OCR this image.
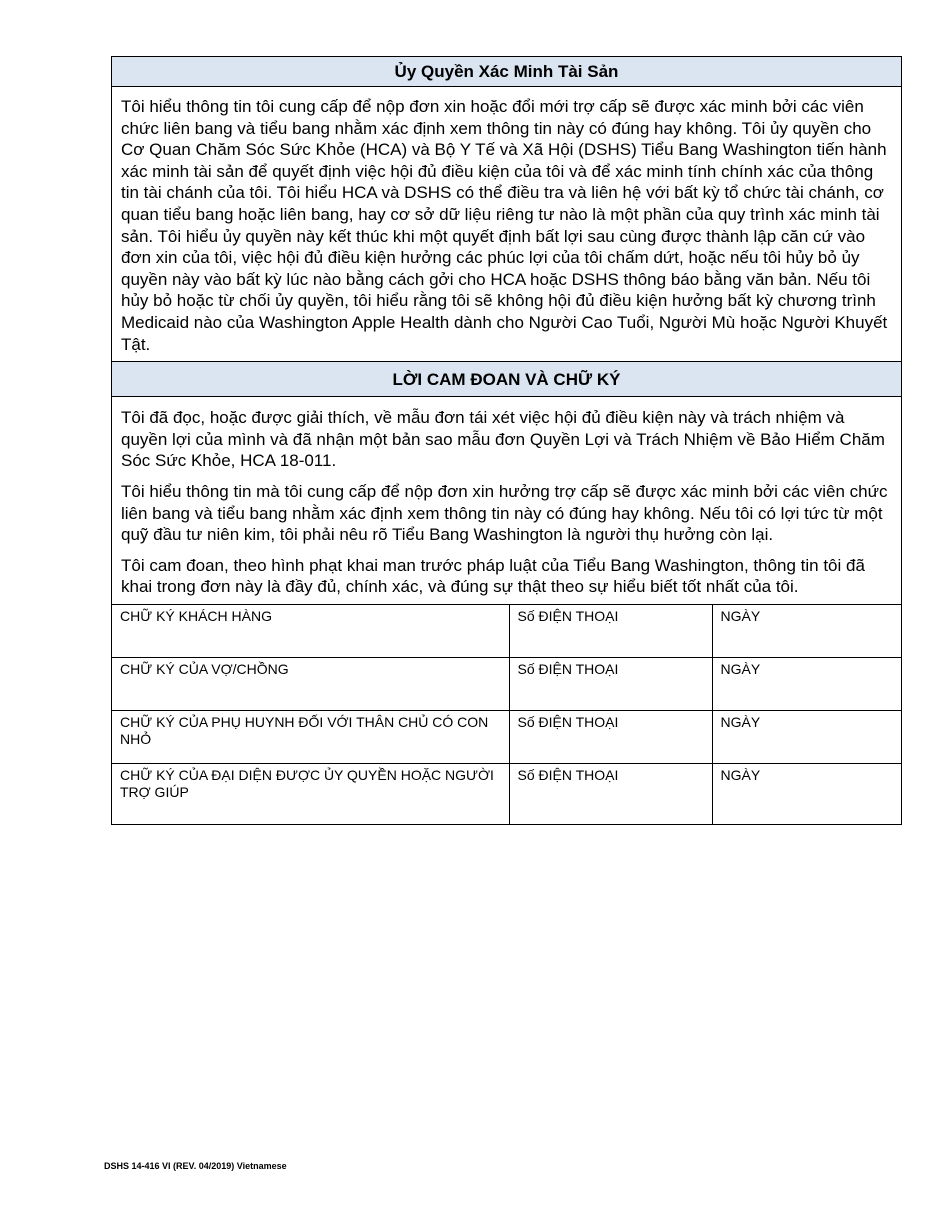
Ủy Quyền Xác Minh Tài Sản

Tôi hiểu thông tin tôi cung cấp để nộp đơn xin hoặc đổi mới trợ cấp sẽ được xác minh bởi các viên chức liên bang và tiểu bang nhằm xác định xem thông tin này có đúng hay không. Tôi ủy quyền cho Cơ Quan Chăm Sóc Sức Khỏe (HCA) và Bộ Y Tế và Xã Hội (DSHS) Tiểu Bang Washington tiến hành xác minh tài sản để quyết định việc hội đủ điều kiện của tôi và để xác minh tính chính xác của thông tin tài chánh của tôi. Tôi hiểu HCA và DSHS có thể điều tra và liên hệ với bất kỳ tổ chức tài chánh, cơ quan tiểu bang hoặc liên bang, hay cơ sở dữ liệu riêng tư nào là một phần của quy trình xác minh tài sản. Tôi hiểu ủy quyền này kết thúc khi một quyết định bất lợi sau cùng được thành lập căn cứ vào đơn xin của tôi, việc hội đủ điều kiện hưởng các phúc lợi của tôi chấm dứt, hoặc nếu tôi hủy bỏ ủy quyền này vào bất kỳ lúc nào bằng cách gởi cho HCA hoặc DSHS thông báo bằng văn bản. Nếu tôi hủy bỏ hoặc từ chối ủy quyền, tôi hiểu rằng tôi sẽ không hội đủ điều kiện hưởng bất kỳ chương trình Medicaid nào của Washington Apple Health dành cho Người Cao Tuổi, Người Mù hoặc Người Khuyết Tật.

LỜI CAM ĐOAN VÀ CHỮ KÝ

Tôi đã đọc, hoặc được giải thích, về mẫu đơn tái xét việc hội đủ điều kiện này và trách nhiệm và quyền lợi của mình và đã nhận một bản sao mẫu đơn Quyền Lợi và Trách Nhiệm về Bảo Hiểm Chăm Sóc Sức Khỏe, HCA 18-011.

Tôi hiểu thông tin mà tôi cung cấp để nộp đơn xin hưởng trợ cấp sẽ được xác minh bởi các viên chức liên bang và tiểu bang nhằm xác định xem thông tin này có đúng hay không. Nếu tôi có lợi tức từ một quỹ đầu tư niên kim, tôi phải nêu rõ Tiểu Bang Washington là người thụ hưởng còn lại.

Tôi cam đoan, theo hình phạt khai man trước pháp luật của Tiểu Bang Washington, thông tin tôi đã khai trong đơn này là đầy đủ, chính xác, và đúng sự thật theo sự hiểu biết tốt nhất của tôi.

CHỮ KÝ KHÁCH HÀNG	Số ĐIỆN THOẠI	NGÀY
CHỮ KÝ CỦA VỢ/CHỒNG	Số ĐIỆN THOẠI	NGÀY
CHỮ KÝ CỦA PHỤ HUYNH ĐỐI VỚI THÂN CHỦ CÓ CON NHỎ	Số ĐIỆN THOẠI	NGÀY
CHỮ KÝ CỦA ĐẠI DIỆN ĐƯỢC ỦY QUYỀN HOẶC NGƯỜI TRỢ GIÚP	Số ĐIỆN THOẠI	NGÀY
DSHS 14-416 VI (REV. 04/2019) Vietnamese
